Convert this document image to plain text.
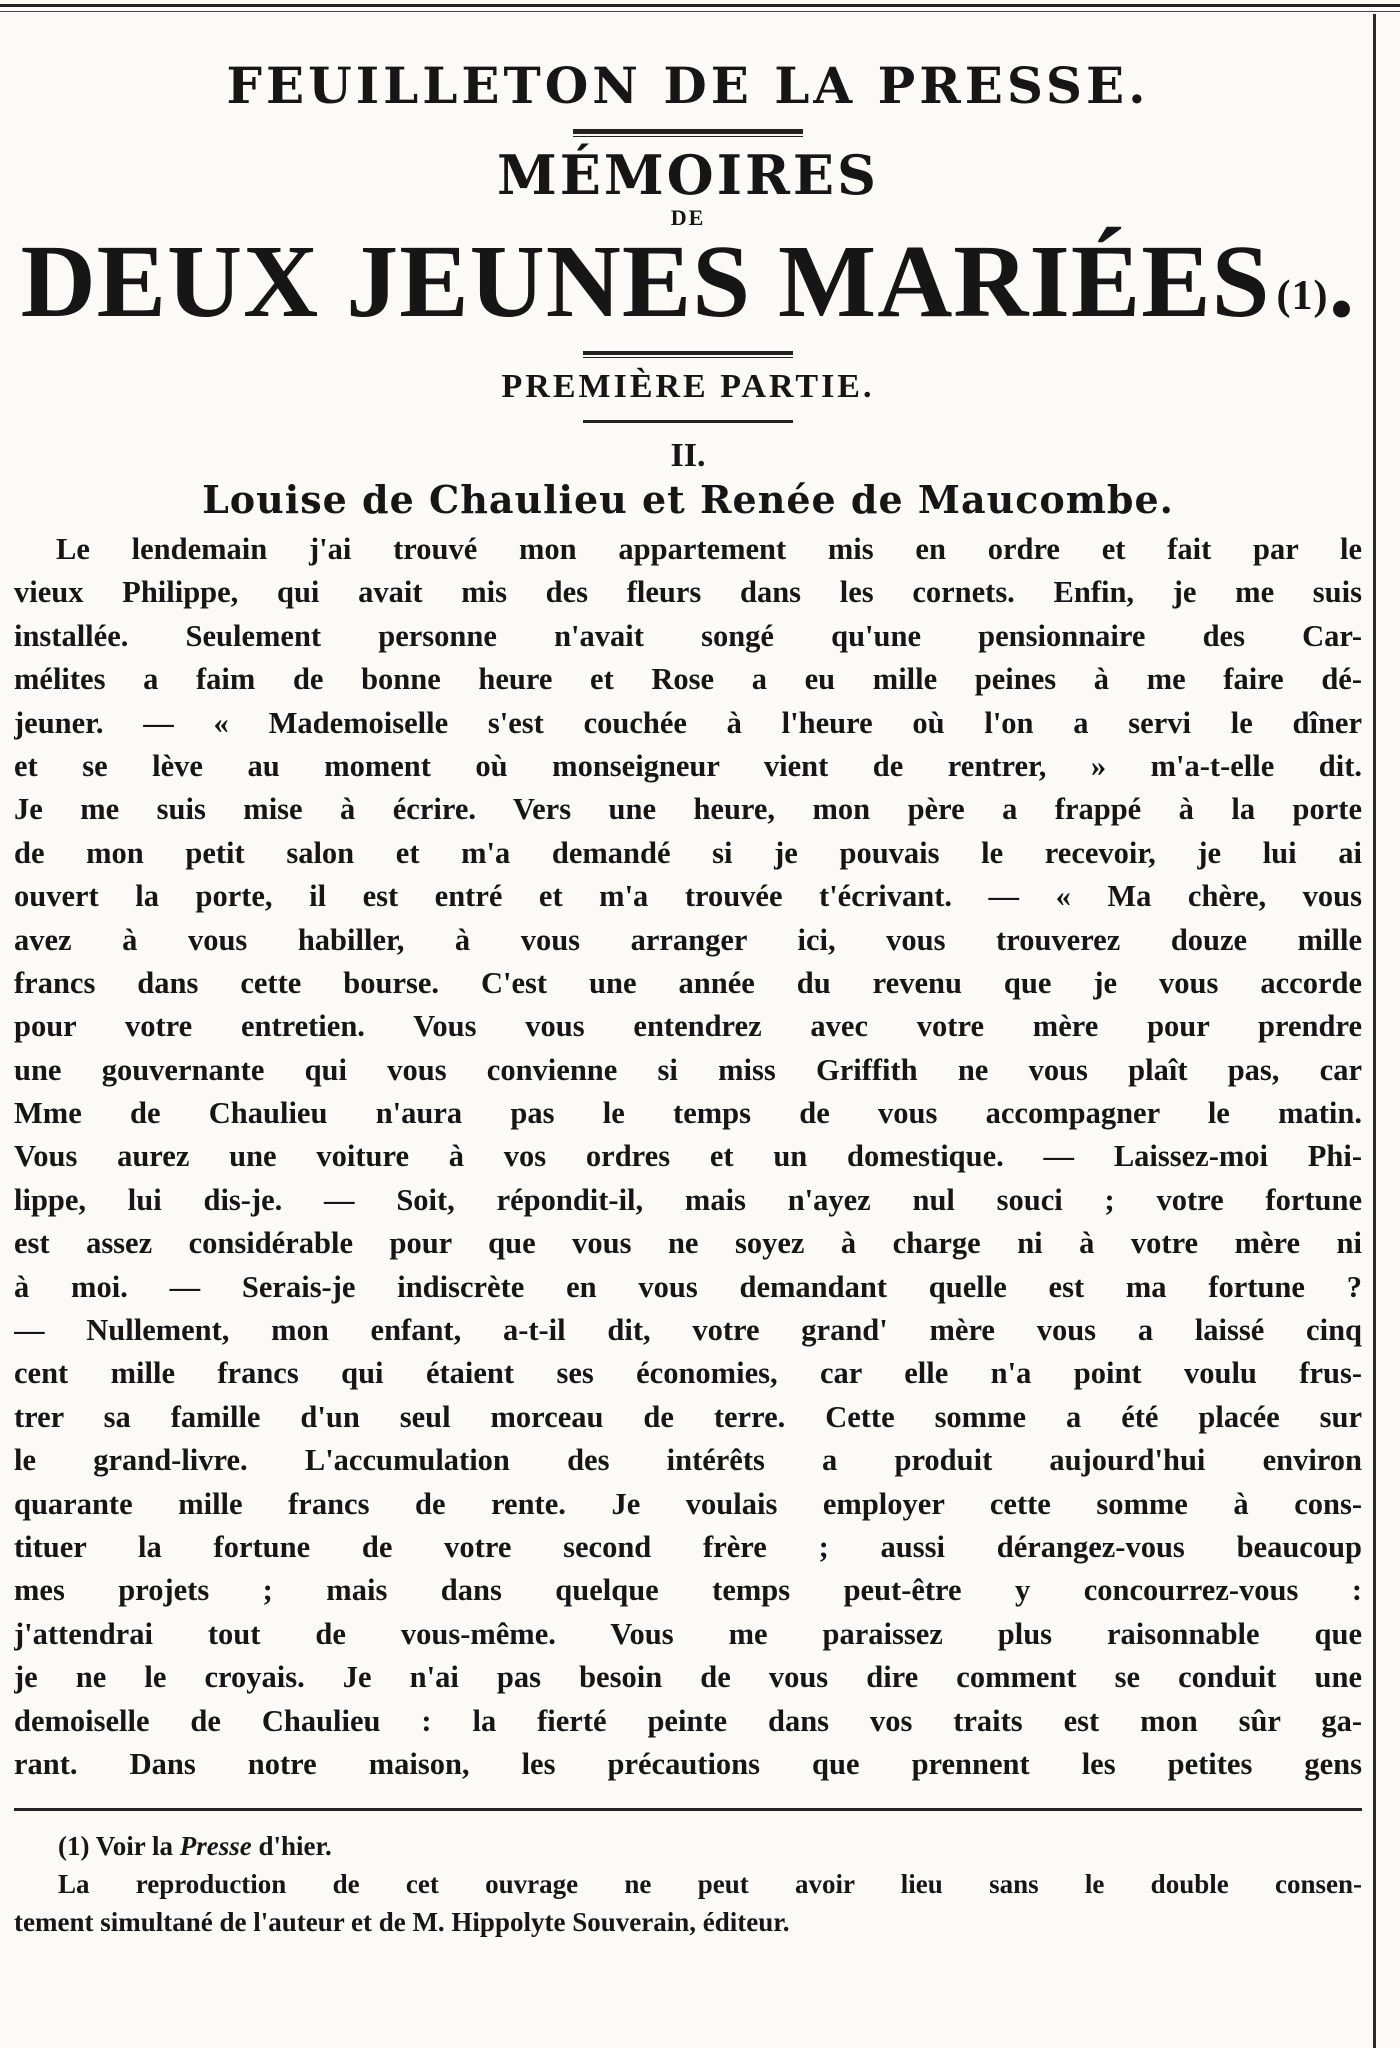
FEUILLETON DE LA PRESSE.
MÉMOIRES
DE
DEUX JEUNES MARIÉES $^{(1)}$.
PREMIÈRE PARTIE.
II.
Louise de Chaulieu et Renée de Maucombe.
Le lendemain j'ai trouvé mon appartement mis en ordre et fait par le
vieux Philippe, qui avait mis des fleurs dans les cornets. Enfin, je me suis
installée. Seulement personne n'avait songé qu'une pensionnaire des Car-
mélites a faim de bonne heure et Rose a eu mille peines à me faire dé-
jeuner. — « Mademoiselle s'est couchée à l'heure où l'on a servi le dîner
et se lève au moment où monseigneur vient de rentrer, » m'a-t-elle dit.
Je me suis mise à écrire. Vers une heure, mon père a frappé à la porte
de mon petit salon et m'a demandé si je pouvais le recevoir, je lui ai
ouvert la porte, il est entré et m'a trouvée t'écrivant. — « Ma chère, vous
avez à vous habiller, à vous arranger ici, vous trouverez douze mille
francs dans cette bourse. C'est une année du revenu que je vous accorde
pour votre entretien. Vous vous entendrez avec votre mère pour prendre
une gouvernante qui vous convienne si miss Griffith ne vous plaît pas, car
Mme de Chaulieu n'aura pas le temps de vous accompagner le matin.
Vous aurez une voiture à vos ordres et un domestique. — Laissez-moi Phi-
lippe, lui dis-je. — Soit, répondit-il, mais n'ayez nul souci ; votre fortune
est assez considérable pour que vous ne soyez à charge ni à votre mère ni
à moi. — Serais-je indiscrète en vous demandant quelle est ma fortune ?
— Nullement, mon enfant, a-t-il dit, votre grand' mère vous a laissé cinq
cent mille francs qui étaient ses économies, car elle n'a point voulu frus-
trer sa famille d'un seul morceau de terre. Cette somme a été placée sur
le grand-livre. L'accumulation des intérêts a produit aujourd'hui environ
quarante mille francs de rente. Je voulais employer cette somme à cons-
tituer la fortune de votre second frère ; aussi dérangez-vous beaucoup
mes projets ; mais dans quelque temps peut-être y concourrez-vous :
j'attendrai tout de vous-même. Vous me paraissez plus raisonnable que
je ne le croyais. Je n'ai pas besoin de vous dire comment se conduit une
demoiselle de Chaulieu : la fierté peinte dans vos traits est mon sûr ga-
rant. Dans notre maison, les précautions que prennent les petites gens
(1) Voir la Presse d'hier.
La reproduction de cet ouvrage ne peut avoir lieu sans le double consen-
tement simultané de l'auteur et de M. Hippolyte Souverain, éditeur.
